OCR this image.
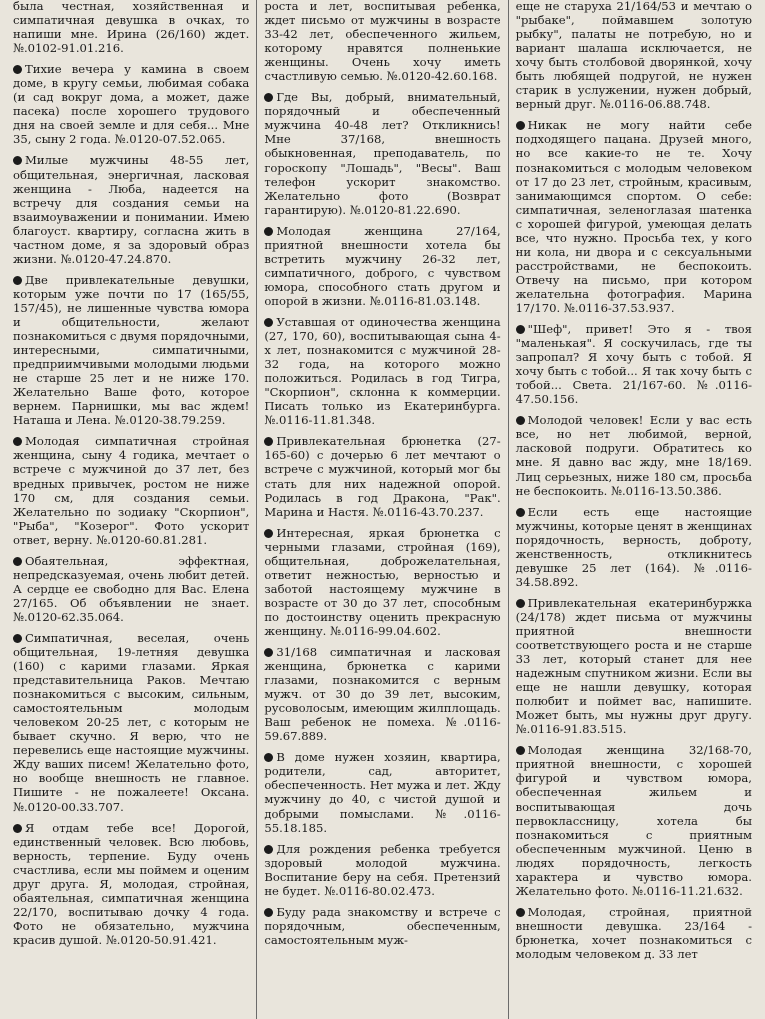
была честная, хозяйственная и симпатичная девушка в очках, то напиши мне. Ирина (26/160) ждет. №.0102-91.01.216.

Тихие вечера у камина в своем доме, в кругу семьи, любимая собака (и сад вокруг дома, а может, даже пасека) после хорошего трудового дня на своей земле и для себя... Мне 35, сыну 2 года. №.0120-07.52.065.

Милые мужчины 48-55 лет, общительная, энергичная, ласковая женщина - Люба, надеется на встречу для создания семьи на взаимоуважении и понимании. Имею благоуст. квартиру, согласна жить в частном доме, я за здоровый образ жизни. №.0120-47.24.870.

Две привлекательные девушки, которым уже почти по 17 (165/55, 157/45), не лишенные чувства юмора и общительности, желают познакомиться с двумя порядочными, интересными, симпатичными, предприимчивыми молодыми людьми не старше 25 лет и не ниже 170. Желательно Ваше фото, которое вернем. Парнишки, мы вас ждем! Наташа и Лена. №.0120-38.79.259.

Молодая симпатичная стройная женщина, сыну 4 годика, мечтает о встрече с мужчиной до 37 лет, без вредных привычек, ростом не ниже 170 см, для создания семьи. Желательно по зодиаку "Скорпион", "Рыба", "Козерог". Фото ускорит ответ, верну. №.0120-60.81.281.

Обаятельная, эффектная, непредсказуемая, очень любит детей. А сердце ее свободно для Вас. Елена 27/165. Об объявлении не знает. №.0120-62.35.064.

Симпатичная, веселая, очень общительная, 19-летняя девушка (160) с карими глазами. Яркая представительница Раков. Мечтаю познакомиться с высоким, сильным, самостоятельным молодым человеком 20-25 лет, с которым не бывает скучно. Я верю, что не перевелись еще настоящие мужчины. Жду ваших писем! Желательно фото, но вообще внешность не главное. Пишите - не пожалеете! Оксана. №.0120-00.33.707.

Я отдам тебе все! Дорогой, единственный человек. Всю любовь, верность, терпение. Буду очень счастлива, если мы поймем и оценим друг друга. Я, молодая, стройная, обаятельная, симпатичная женщина 22/170, воспитываю дочку 4 года. Фото не обязательно, мужчина красив душой. №.0120-50.91.421.

роста и лет, воспитывая ребенка, ждет письмо от мужчины в возрасте 33-42 лет, обеспеченного жильем, которому нравятся полненькие женщины. Очень хочу иметь счастливую семью. №.0120-42.60.168.

Где Вы, добрый, внимательный, порядочный и обеспеченный мужчина 40-48 лет? Откликнись! Мне 37/168, внешность обыкновенная, преподаватель, по гороскопу "Лошадь", "Весы". Ваш телефон ускорит знакомство. Желательно фото (Возврат гарантирую). №.0120-81.22.690.

Молодая женщина 27/164, приятной внешности хотела бы встретить мужчину 26-32 лет, симпатичного, доброго, с чувством юмора, способного стать другом и опорой в жизни. №.0116-81.03.148.

Уставшая от одиночества женщина (27, 170, 60), воспитывающая сына 4-х лет, познакомится с мужчиной 28-32 года, на которого можно положиться. Родилась в год Тигра, "Скорпион", склонна к коммерции. Писать только из Екатеринбурга. №.0116-11.81.348.

Привлекательная брюнетка (27-165-60) с дочерью 6 лет мечтают о встрече с мужчиной, который мог бы стать для них надежной опорой. Родилась в год Дракона, "Рак". Марина и Настя. №.0116-43.70.237.

Интересная, яркая брюнетка с черными глазами, стройная (169), общительная, доброжелательная, ответит нежностью, верностью и заботой настоящему мужчине в возрасте от 30 до 37 лет, способным по достоинству оценить прекрасную женщину. №.0116-99.04.602.

31/168 симпатичная и ласковая женщина, брюнетка с карими глазами, познакомится с верным мужч. от 30 до 39 лет, высоким, русоволосым, имеющим жилплощадь. Ваш ребенок не помеха. №.0116-59.67.889.

В доме нужен хозяин, квартира, родители, сад, авторитет, обеспеченность. Нет мужа и лет. Жду мужчину до 40, с чистой душой и добрыми помыслами. №.0116-55.18.185.

Для рождения ребенка требуется здоровый молодой мужчина. Воспитание беру на себя. Претензий не будет. №.0116-80.02.473.

Буду рада знакомству и встрече с порядочным, обеспеченным, самостоятельным муж-

еще не старуха 21/164/53 и мечтаю о "рыбаке", поймавшем золотую рыбку", палаты не потребую, но и вариант шалаша исключается, не хочу быть столбовой дворянкой, хочу быть любящей подругой, не нужен старик в услужении, нужен добрый, верный друг. №.0116-06.88.748.

Никак не могу найти себе подходящего пацана. Друзей много, но все какие-то не те. Хочу познакомиться с молодым человеком от 17 до 23 лет, стройным, красивым, занимающимся спортом. О себе: симпатичная, зеленоглазая шатенка с хорошей фигурой, умеющая делать все, что нужно. Просьба тех, у кого ни кола, ни двора и с сексуальными расстройствами, не беспокоить. Отвечу на письмо, при котором желательна фотография. Марина 17/170. №.0116-37.53.937.

"Шеф", привет! Это я - твоя "маленькая". Я соскучилась, где ты запропал? Я хочу быть с тобой. Я хочу быть с тобой... Я так хочу быть с тобой... Света. 21/167-60. №.0116-47.50.156.

Молодой человек! Если у вас есть все, но нет любимой, верной, ласковой подруги. Обратитесь ко мне. Я давно вас жду, мне 18/169. Лиц серьезных, ниже 180 см, просьба не беспокоить. №.0116-13.50.386.

Если есть еще настоящие мужчины, которые ценят в женщинах порядочность, верность, доброту, женственность, откликнитесь девушке 25 лет (164). №.0116-34.58.892.

Привлекательная екатеринбуржка (24/178) ждет письма от мужчины приятной внешности соответствующего роста и не старше 33 лет, который станет для нее надежным спутником жизни. Если вы еще не нашли девушку, которая полюбит и поймет вас, напишите. Может быть, мы нужны друг другу. №.0116-91.83.515.

Молодая женщина 32/168-70, приятной внешности, с хорошей фигурой и чувством юмора, обеспеченная жильем и воспитывающая дочь первоклассницу, хотела бы познакомиться с приятным обеспеченным мужчиной. Ценю в людях порядочность, легкость характера и чувство юмора. Желательно фото. №.0116-11.21.632.

Молодая, стройная, приятной внешности девушка. 23/164 - брюнетка, хочет познакомиться с молодым человеком д. 33 лет
